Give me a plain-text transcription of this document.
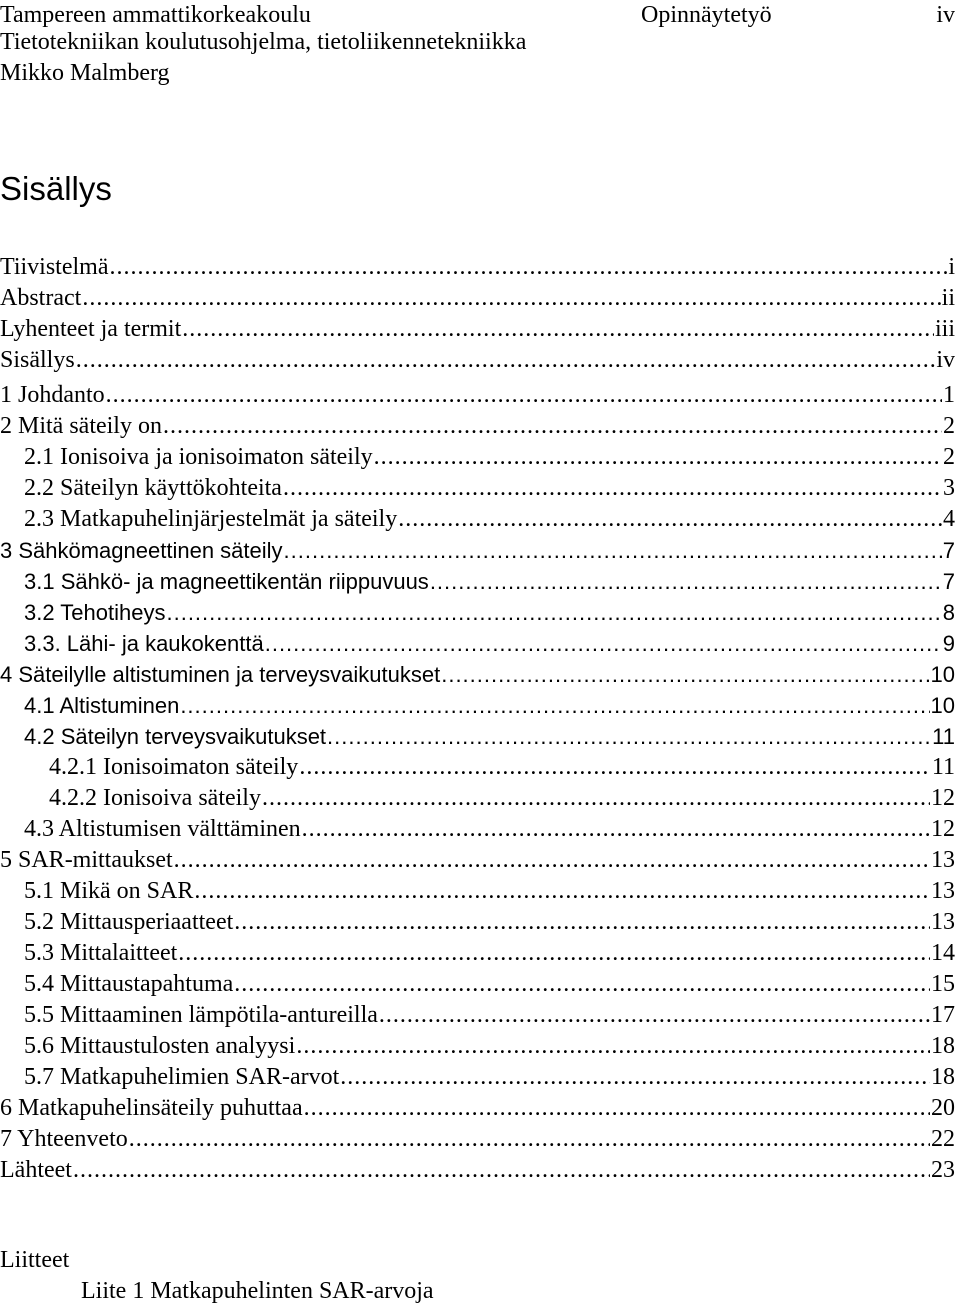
Tampereen ammattikorkeakoulu	Opinnäytetyö	iv
Tietotekniikan koulutusohjelma, tietoliikennetekniikka
Mikko Malmberg
Sisällys
Tiivistelmä .....	i
Abstract .....	ii
Lyhenteet ja termit .....	iii
Sisällys .....	iv
1 Johdanto .....	1
2 Mitä säteily on .....	2
2.1 Ionisoiva ja ionisoimaton säteily .....	2
2.2 Säteilyn käyttökohteita .....	3
2.3 Matkapuhelinjärjestelmät ja säteily .....	4
3 Sähkömagneettinen säteily .....	7
3.1 Sähkö- ja magneettikentän riippuvuus .....	7
3.2 Tehotiheys .....	8
3.3. Lähi- ja kaukokenttä .....	9
4 Säteilylle altistuminen ja terveysvaikutukset .....	10
4.1 Altistuminen .....	10
4.2 Säteilyn terveysvaikutukset .....	11
4.2.1 Ionisoimaton säteily .....	11
4.2.2 Ionisoiva säteily .....	12
4.3 Altistumisen välttäminen .....	12
5 SAR-mittaukset .....	13
5.1 Mikä on SAR .....	13
5.2 Mittausperiaatteet .....	13
5.3 Mittalaitteet .....	14
5.4 Mittaustapahtuma .....	15
5.5 Mittaaminen lämpötila-antureilla .....	17
5.6 Mittaustulosten analyysi .....	18
5.7 Matkapuhelimien SAR-arvot .....	18
6 Matkapuhelinsäteily puhuttaa .....	20
7 Yhteenveto .....	22
Lähteet .....	23
Liitteet
Liite 1 Matkapuhelinten SAR-arvoja
